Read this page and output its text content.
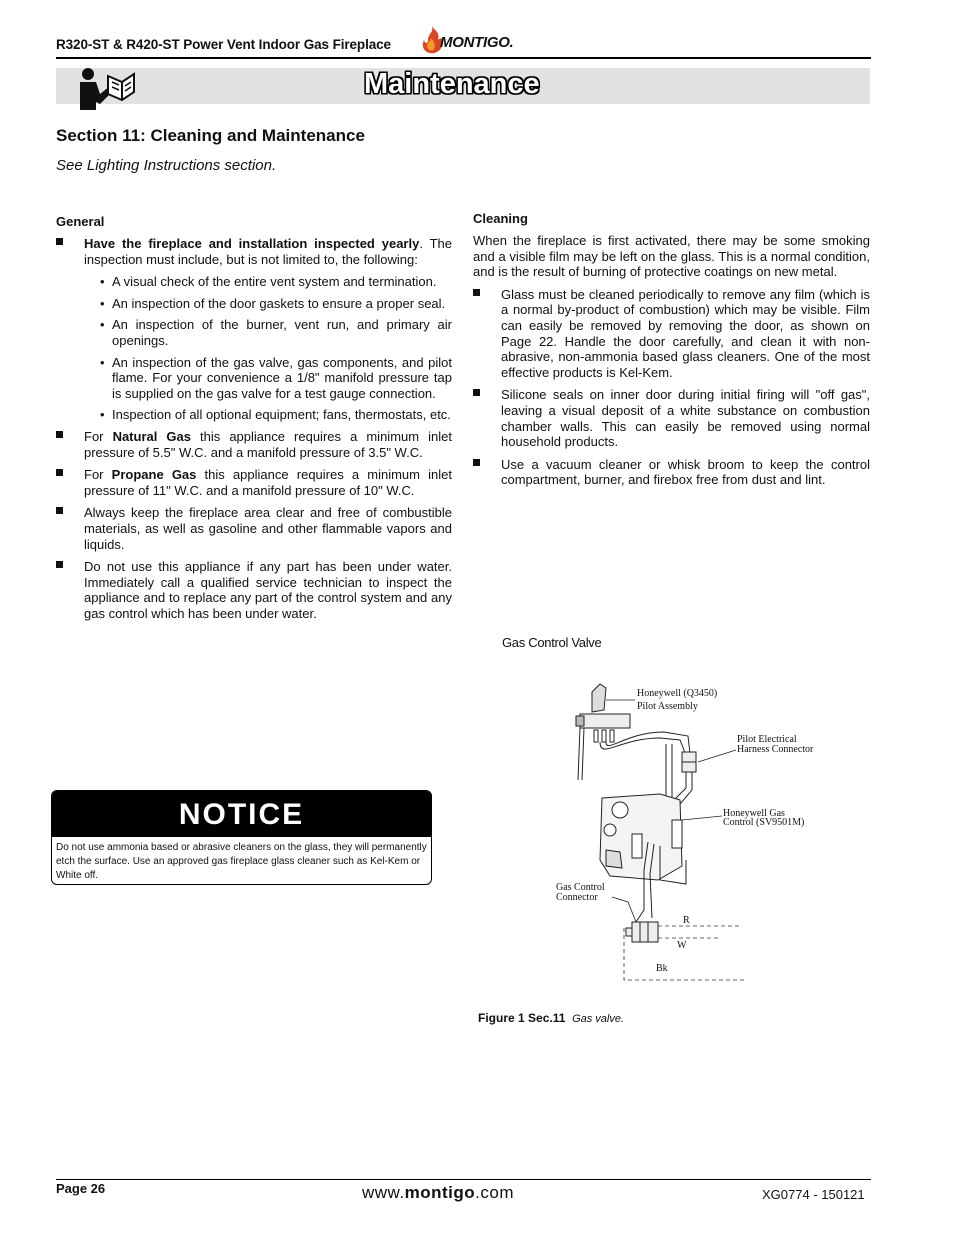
R320-ST & R420-ST Power Vent Indoor Gas Fireplace	MONTIGO.
Maintenance
Section 11: Cleaning and Maintenance
See Lighting Instructions section.
General	Cleaning
Have the fireplace and installation inspected yearly. The inspection must include, but is not limited to, the following:
• A visual check of the entire vent system and termination.
• An inspection of the door gaskets to ensure a proper seal.
• An inspection of the burner, vent run, and primary air openings.
• An inspection of the gas valve, gas components, and pilot flame. For your convenience a 1/8" manifold pressure tap is supplied on the gas valve for a test gauge connection.
• Inspection of all optional equipment; fans, thermostats, etc.
For Natural Gas this appliance requires a minimum inlet pressure of 5.5" W.C. and a manifold pressure of 3.5" W.C.
For Propane Gas this appliance requires a minimum inlet pressure of 11" W.C. and a manifold pressure of 10" W.C.
Always keep the fireplace area clear and free of combustible materials, as well as gasoline and other flammable vapors and liquids.
Do not use this appliance if any part has been under water. Immediately call a qualified service technician to inspect the appliance and to replace any part of the control system and any gas control which has been under water.
When the fireplace is first activated, there may be some smoking and a visible film may be left on the glass. This is a normal condition, and is the result of burning of protective coatings on new metal.
Glass must be cleaned periodically to remove any film (which is a normal by-product of combustion) which may be visible. Film can easily be removed by removing the door, as shown on Page 22. Handle the door carefully, and clean it with non-abrasive, non-ammonia based glass cleaners. One of the most effective products is Kel-Kem.
Silicone seals on inner door during initial firing will "off gas", leaving a visual deposit of a white substance on combustion chamber walls. This can easily be removed using normal household products.
Use a vacuum cleaner or whisk broom to keep the control compartment, burner, and firebox free from dust and lint.
NOTICE
Do not use ammonia based or abrasive cleaners on the glass, they will permanently etch the surface. Use an approved gas fireplace glass cleaner such as Kel-Kem or White off.
Gas Control Valve
Honeywell (Q3450)
Pilot Assembly
Pilot Electrical
Harness Connector
Honeywell Gas
Control (SV9501M)
Gas Control
Connector
R
W
Bk
Figure 1 Sec.11 Gas valve.
Page 26	www.montigo.com	XG0774 - 150121
